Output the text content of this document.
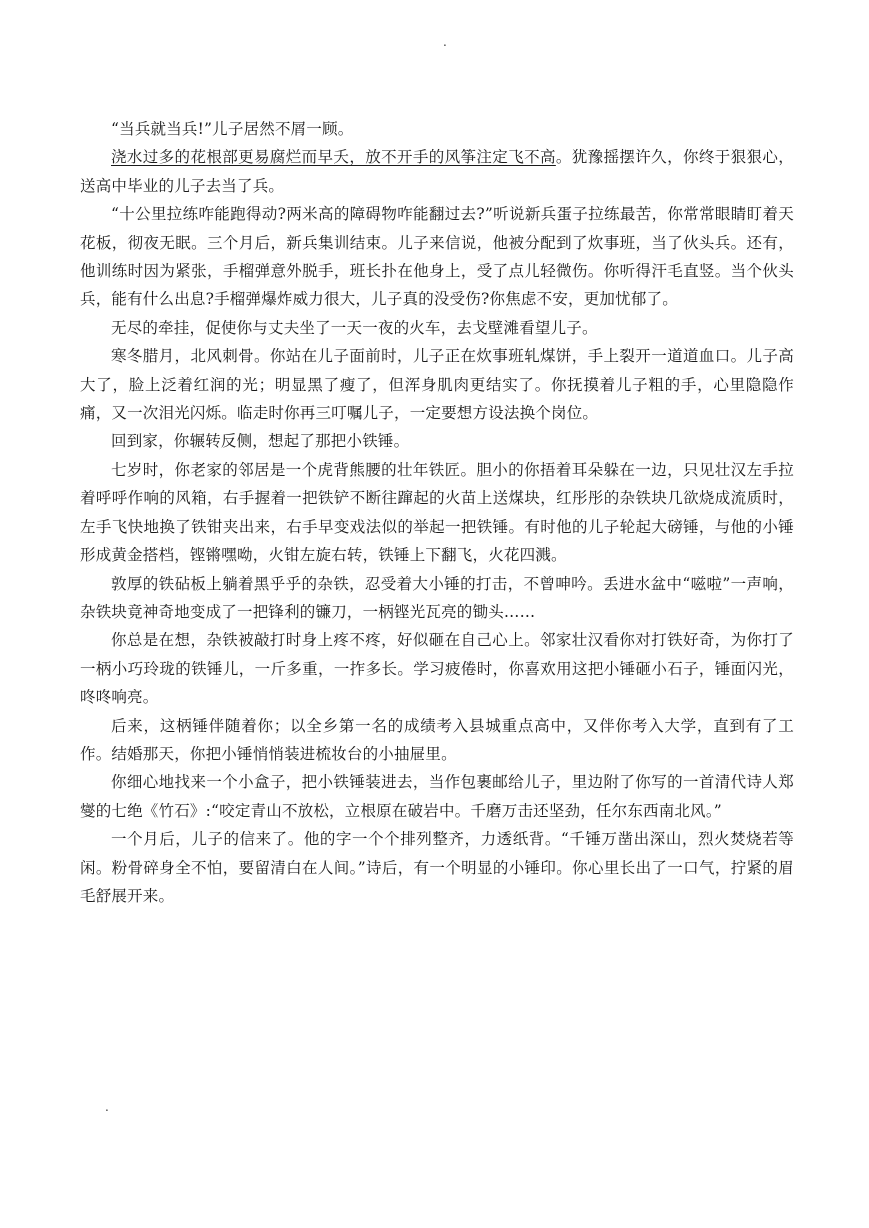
.

“当兵就当兵!”儿子居然不屑一顾。

浇水过多的花根部更易腐烂而早夭，放不开手的风筝注定飞不高。犹豫摇摆许久，你终于狠狠心，送高中毕业的儿子去当了兵。

“十公里拉练咋能跑得动?两米高的障碍物咋能翻过去?”听说新兵蛋子拉练最苦，你常常眼睛盯着天花板，彻夜无眠。三个月后，新兵集训结束。儿子来信说，他被分配到了炊事班，当了伙头兵。还有，他训练时因为紧张，手榴弹意外脱手，班长扑在他身上，受了点儿轻微伤。你听得汗毛直竖。当个伙头兵，能有什么出息?手榴弹爆炸威力很大，儿子真的没受伤?你焦虑不安，更加忧郁了。

无尽的牵挂，促使你与丈夫坐了一天一夜的火车，去戈壁滩看望儿子。

寒冬腊月，北风刺骨。你站在儿子面前时，儿子正在炊事班轧煤饼，手上裂开一道道血口。儿子高大了，脸上泛着红润的光；明显黑了瘦了，但浑身肌肉更结实了。你抚摸着儿子粗的手，心里隐隐作痛，又一次泪光闪烁。临走时你再三叮嘱儿子，一定要想方设法换个岗位。

回到家，你辗转反侧，想起了那把小铁锤。

七岁时，你老家的邻居是一个虎背熊腰的壮年铁匠。胆小的你捂着耳朵躲在一边，只见壮汉左手拉着呼呼作响的风箱，右手握着一把铁铲不断往蹿起的火苗上送煤块，红彤彤的杂铁块几欲烧成流质时，左手飞快地换了铁钳夹出来，右手早变戏法似的举起一把铁锤。有时他的儿子轮起大磅锤，与他的小锤形成黄金搭档，铿锵嘿呦，火钳左旋右转，铁锤上下翻飞，火花四溅。

敦厚的铁砧板上躺着黑乎乎的杂铁，忍受着大小锤的打击，不曾呻吟。丢进水盆中“嗞啦”一声响，杂铁块竟神奇地变成了一把锋利的镰刀，一柄铿光瓦亮的锄头……

你总是在想，杂铁被敲打时身上疼不疼，好似砸在自己心上。邻家壮汉看你对打铁好奇，为你打了一柄小巧玲珑的铁锤儿，一斤多重，一拃多长。学习疲倦时，你喜欢用这把小锤砸小石子，锤面闪光，咚咚响亮。

后来，这柄锤伴随着你；以全乡第一名的成绩考入县城重点高中，又伴你考入大学，直到有了工作。结婚那天，你把小锤悄悄装进梳妆台的小抽屉里。

你细心地找来一个小盒子，把小铁锤装进去，当作包裹邮给儿子，里边附了你写的一首清代诗人郑燮的七绝《竹石》:“咬定青山不放松，立根原在破岩中。千磨万击还坚劲，任尔东西南北风。”

一个月后，儿子的信来了。他的字一个个排列整齐，力透纸背。“千锤万凿出深山，烈火焚烧若等闲。粉骨碎身全不怕，要留清白在人间。”诗后，有一个明显的小锤印。你心里长出了一口气，拧紧的眉毛舒展开来。

.
